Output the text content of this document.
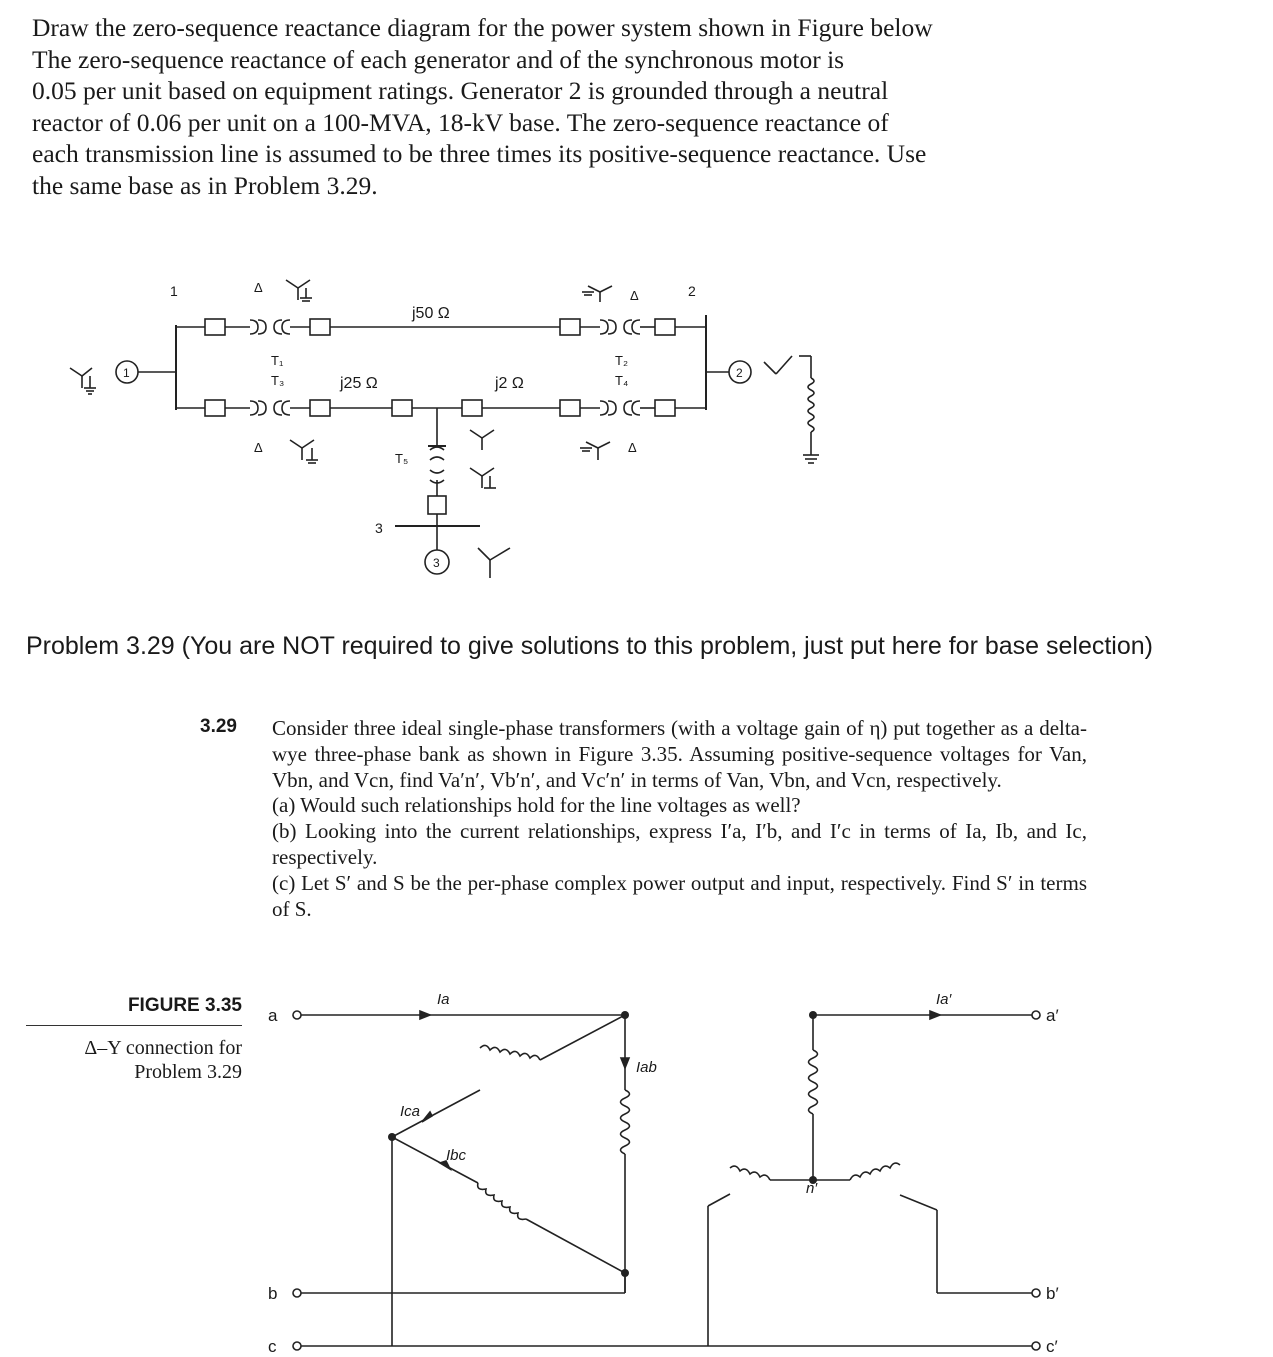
Draw the zero-sequence reactance diagram for the power system shown in Figure below

The zero-sequence reactance of each generator and of the synchronous motor is

0.05 per unit based on equipment ratings. Generator 2 is grounded through a neutral

reactor of 0.06 per unit on a 100-MVA, 18-kV base. The zero-sequence reactance of

each transmission line is assumed to be three times its positive-sequence reactance. Use

the same base as in Problem 3.29.

1	2
3
1	2
3
T₁
T₃
T₂
T₄
T₅
j50 Ω
j25 Ω	j2 Ω
Δ
Δ
Δ
Δ
Problem 3.29 (You are NOT required to give solutions to this problem, just put here for base selection)
3.29 Consider three ideal single-phase transformers (with a voltage gain of η) put together as a delta-wye three-phase bank as shown in Figure 3.35. Assuming positive-sequence voltages for Van, Vbn, and Vcn, find Va′n′, Vb′n′, and Vc′n′ in terms of Van, Vbn, and Vcn, respectively.

(a) Would such relationships hold for the line voltages as well?

(b) Looking into the current relationships, express I′a, I′b, and I′c in terms of Ia, Ib, and Ic, respectively.

(c) Let S′ and S be the per-phase complex power output and input, respectively. Find S′ in terms of S.

FIGURE 3.35
Δ–Y connection for Problem 3.29
a
b
c
a′
b′
c′
Ia
Iab
Ica
Ibc
Ia′
n′
